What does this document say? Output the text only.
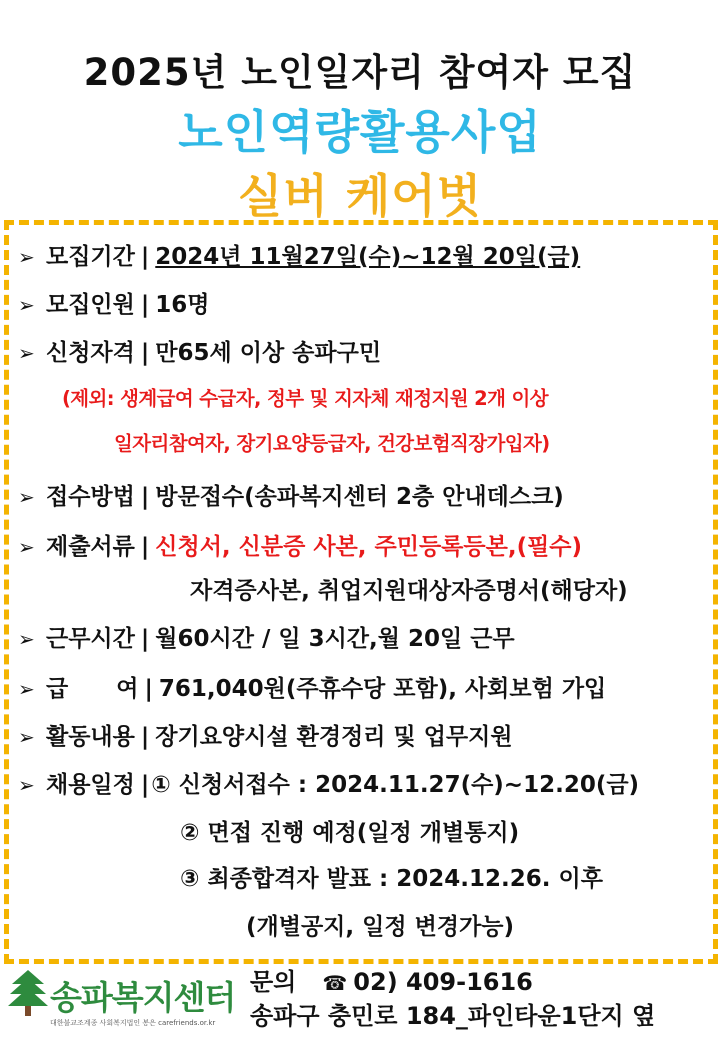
2025년 노인일자리 참여자 모집
노인역량활용사업
실버 케어벗
➢ 모집기간 | 2024년 11월27일(수)~12월 20일(금)
➢ 모집인원 | 16명
➢ 신청자격 | 만65세 이상 송파구민
(제외: 생계급여 수급자, 정부 및 지자체 재정지원 2개 이상
일자리참여자, 장기요양등급자, 건강보험직장가입자)
➢ 접수방법 | 방문접수(송파복지센터 2층 안내데스크)
➢ 제출서류 | 신청서, 신분증 사본, 주민등록등본,(필수)
자격증사본, 취업지원대상자증명서(해당자)
➢ 근무시간 | 월60시간 / 일 3시간,월 20일 근무
➢ 급      여 | 761,040원(주휴수당 포함), 사회보험 가입
➢ 활동내용 | 장기요양시설 환경정리 및 업무지원
➢ 채용일정 |① 신청서접수 : 2024.11.27(수)~12.20(금)
② 면접 진행 예정(일정 개별통지)
③ 최종합격자 발표 : 2024.12.26. 이후
(개별공지, 일정 변경가능)
송파복지센터
대한불교조계종 사회복지법인 봉은 carefriends.or.kr
문의 ☎ 02) 409-1616
송파구 충민로 184_파인타운1단지 옆
